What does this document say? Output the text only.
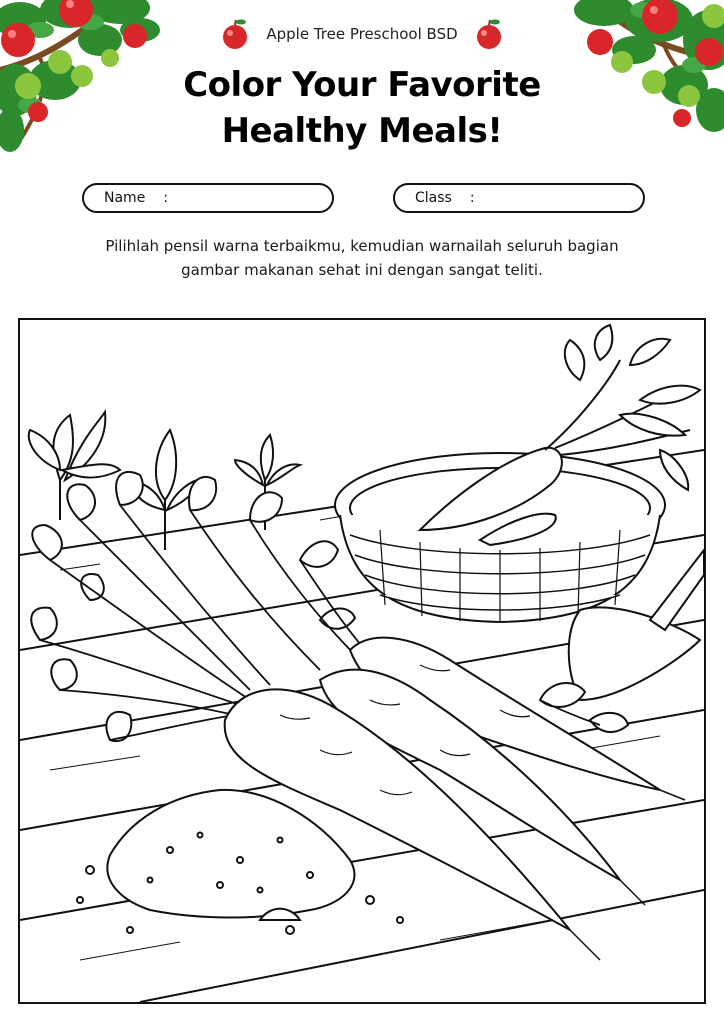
Apple Tree Preschool BSD
Color Your Favorite
Healthy Meals!
Name :	Class :
Pilihlah pensil warna terbaikmu, kemudian warnailah seluruh bagian
gambar makanan sehat ini dengan sangat teliti.
